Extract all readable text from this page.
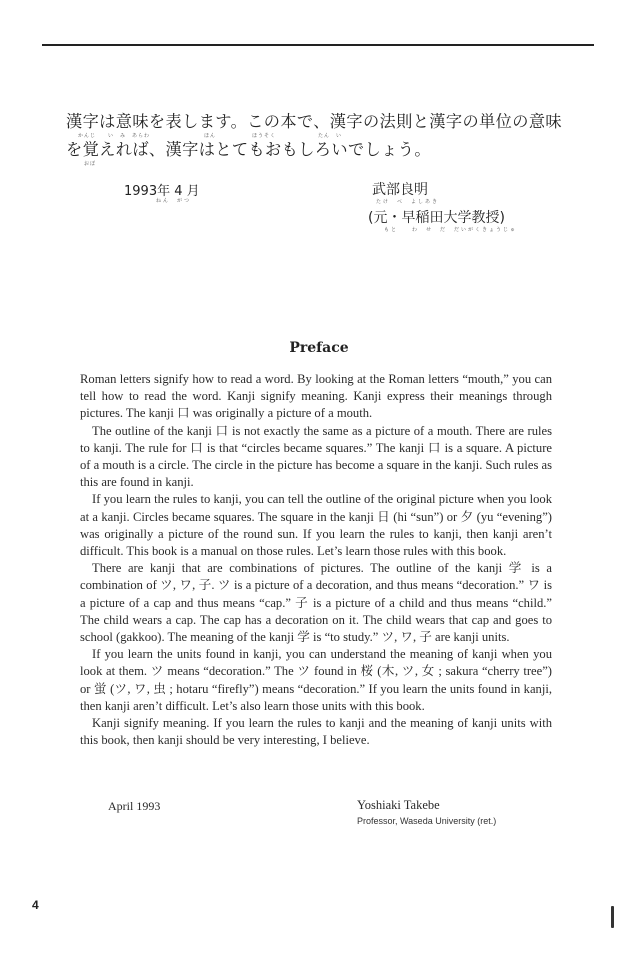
漢字は意味を表します。この本で、漢字の法則と漢字の単位の意味
かんじ　　い　み　あらわ　　　　　　　　　ほん　　　　　　ほうそく　　　　　　　たん　い
を覚えれば、漢字はとてもおもしろいでしょう。
おぼ
1993年 4 月
ねん　がつ
武部良明
たけ　べ　よしあき
(元・早稲田大学教授)
もと　　わ　せ　だ　だいがくきょうじゅ
Preface

Roman letters signify how to read a word. By looking at the Roman letters “mouth,” you can tell how to read the word. Kanji signify meaning. Kanji express their meanings through pictures. The kanji 口 was originally a picture of a mouth.

The outline of the kanji 口 is not exactly the same as a picture of a mouth. There are rules to kanji. The rule for 口 is that “circles became squares.” The kanji 口 is a square. A picture of a mouth is a circle. The circle in the picture has become a square in the kanji. Such rules as this are found in kanji.

If you learn the rules to kanji, you can tell the outline of the original picture when you look at a kanji. Circles became squares. The square in the kanji 日 (hi “sun”) or 夕 (yu “evening”) was originally a picture of the round sun. If you learn the rules to kanji, then kanji aren’t difficult. This book is a manual on those rules. Let’s learn those rules with this book.

There are kanji that are combinations of pictures. The outline of the kanji 学 is a combination of ツ, ワ, 子. ツ is a picture of a decoration, and thus means “decoration.” ワ is a picture of a cap and thus means “cap.” 子 is a picture of a child and thus means “child.” The child wears a cap. The cap has a decoration on it. The child wears that cap and goes to school (gakkoo). The meaning of the kanji 学 is “to study.” ツ, ワ, 子 are kanji units.

If you learn the units found in kanji, you can understand the meaning of kanji when you look at them. ツ means “decoration.” The ツ found in 桜 (木, ツ, 女 ; sakura “cherry tree”) or 蛍 (ツ, ワ, 虫 ; hotaru “firefly”) means “decoration.” If you learn the units found in kanji, then kanji aren’t difficult. Let’s also learn those units with this book.

Kanji signify meaning. If you learn the rules to kanji and the meaning of kanji units with this book, then kanji should be very interesting, I believe.

April 1993	Yoshiaki Takebe
Professor, Waseda University (ret.)
4
